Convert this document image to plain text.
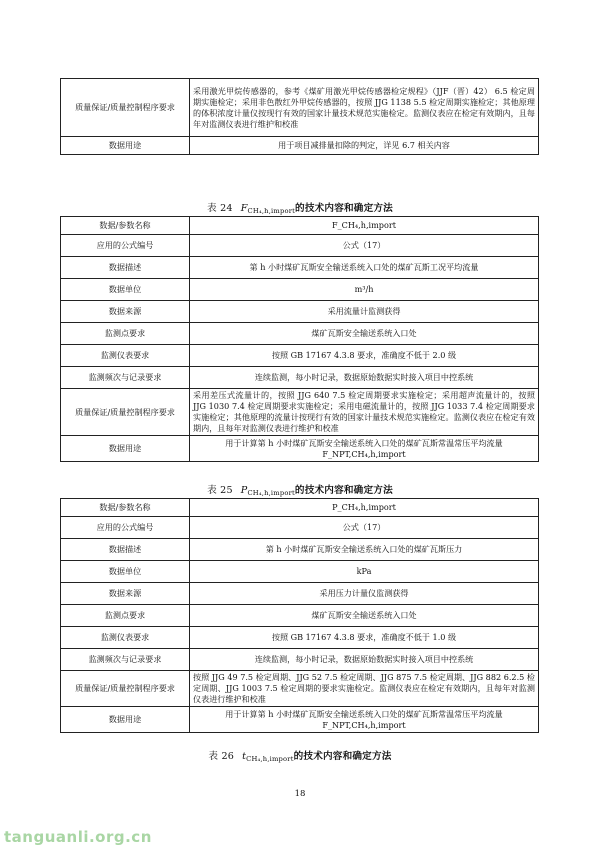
质量保证/质量控制程序要求	采用激光甲烷传感器的，参考《煤矿用激光甲烷传感器检定规程》（JJF（晋）42） 6.5 检定周期实施检定；采用非色散红外甲烷传感器的，按照 JJG 1138 5.5 检定周期实施检定；其他原理的体积浓度计量仪按现行有效的国家计量技术规范实施检定。监测仪表应在检定有效期内，且每年对监测仪表进行维护和校准
数据用途	用于项目减排量扣除的判定，详见 6.7 相关内容
表 24 $F_{CH_4,h,import}$的技术内容和确定方法
数据/参数名称	F_CH₄,h,import
应用的公式编号	公式（17）
数据描述	第 h 小时煤矿瓦斯安全输送系统入口处的煤矿瓦斯工况平均流量
数据单位	m³/h
数据来源	采用流量计监测获得
监测点要求	煤矿瓦斯安全输送系统入口处
监测仪表要求	按照 GB 17167 4.3.8 要求，准确度不低于 2.0 级
监测频次与记录要求	连续监测，每小时记录，数据原始数据实时接入项目中控系统
质量保证/质量控制程序要求	采用差压式流量计的，按照 JJG 640 7.5 检定周期要求实施检定；采用超声流量计的，按照 JJG 1030 7.4 检定周期要求实施检定；采用电磁流量计的，按照 JJG 1033 7.4 检定周期要求实施检定；其他原理的流量计按现行有效的国家计量技术规范实施检定。监测仪表应在检定有效期内，且每年对监测仪表进行维护和校准
数据用途	用于计算第 h 小时煤矿瓦斯安全输送系统入口处的煤矿瓦斯常温常压平均流量 F_NPT,CH₄,h,import
表 25 $P_{CH_4,h,import}$的技术内容和确定方法
数据/参数名称	P_CH₄,h,import
应用的公式编号	公式（17）
数据描述	第 h 小时煤矿瓦斯安全输送系统入口处的煤矿瓦斯压力
数据单位	kPa
数据来源	采用压力计量仪监测获得
监测点要求	煤矿瓦斯安全输送系统入口处
监测仪表要求	按照 GB 17167 4.3.8 要求，准确度不低于 1.0 级
监测频次与记录要求	连续监测，每小时记录，数据原始数据实时接入项目中控系统
质量保证/质量控制程序要求	按照 JJG 49 7.5 检定周期、JJG 52 7.5 检定周期、JJG 875 7.5 检定周期、JJG 882 6.2.5 检定周期、JJG 1003 7.5 检定周期的要求实施检定。监测仪表应在检定有效期内，且每年对监测仪表进行维护和校准
数据用途	用于计算第 h 小时煤矿瓦斯安全输送系统入口处的煤矿瓦斯常温常压平均流量 F_NPT,CH₄,h,import
表 26 $t_{CH_4,h,import}$的技术内容和确定方法
18
tanguanli.org.cn
